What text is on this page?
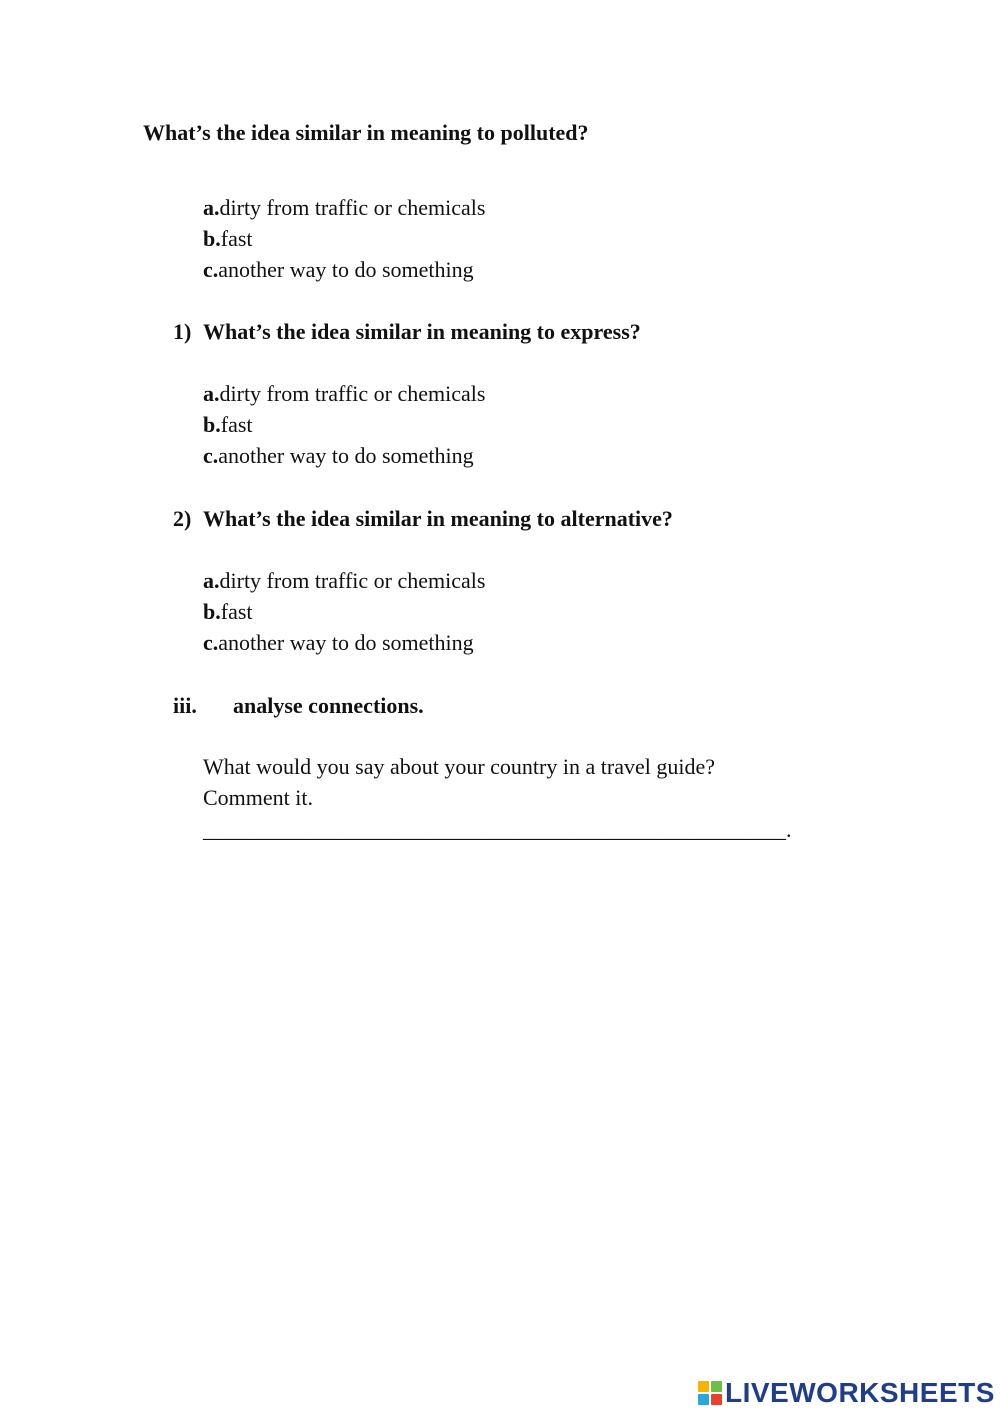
What’s the idea similar in meaning to polluted?
a.dirty from traffic or chemicals
b.fast
c.another way to do something
1) What’s the idea similar in meaning to express?
a.dirty from traffic or chemicals
b.fast
c.another way to do something
2) What’s the idea similar in meaning to alternative?
a.dirty from traffic or chemicals
b.fast
c.another way to do something
iii. analyse connections.
What would you say about your country in a travel guide?
Comment it.
_____________________________________________________.
LIVEWORKSHEETS
